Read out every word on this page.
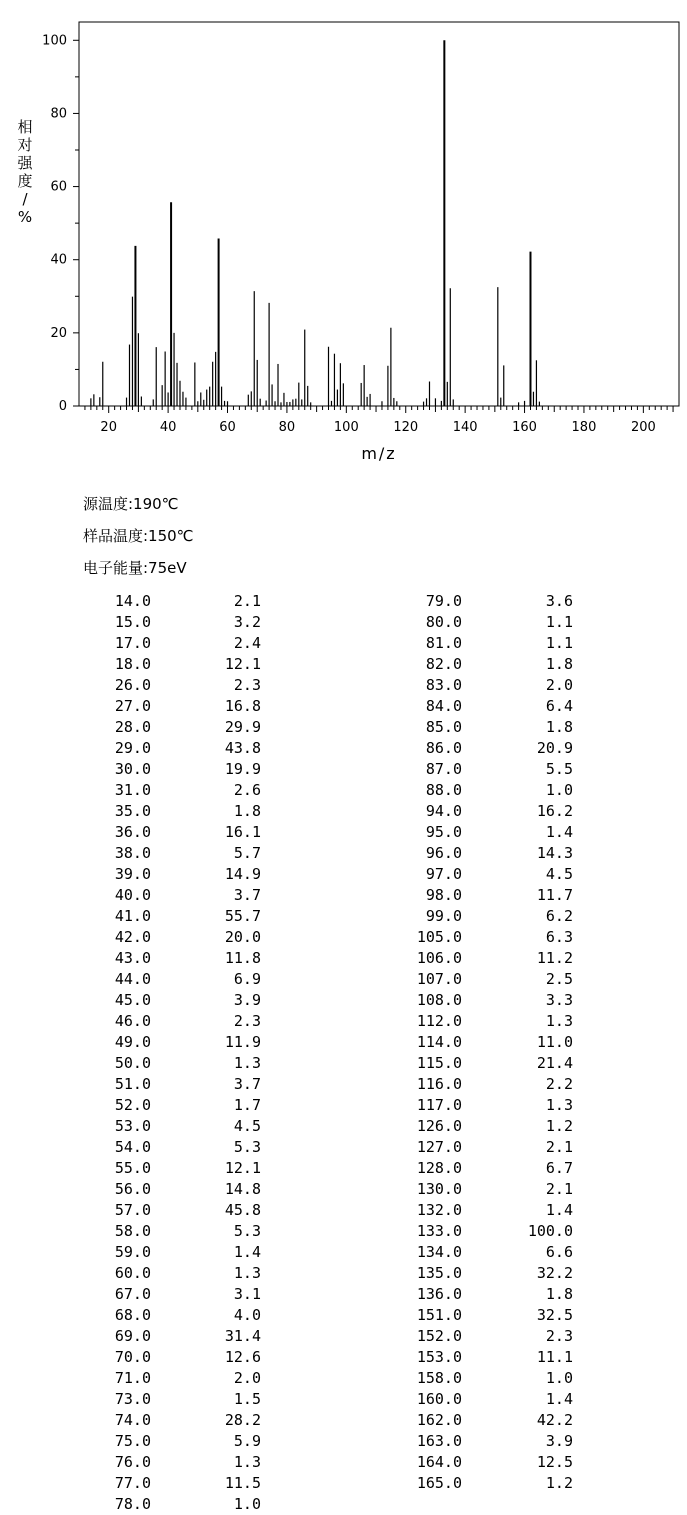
0
20
40
60
80
100
20	40	60	80	100	120	140	160	180	200
m/z
相对强度/ %
源温度:190℃
样品温度:150℃
电子能量:75eV
14.0	2.1	79.0	3.6
15.0	3.2	80.0	1.1
17.0	2.4	81.0	1.1
18.0	12.1	82.0	1.8
26.0	2.3	83.0	2.0
27.0	16.8	84.0	6.4
28.0	29.9	85.0	1.8
29.0	43.8	86.0	20.9
30.0	19.9	87.0	5.5
31.0	2.6	88.0	1.0
35.0	1.8	94.0	16.2
36.0	16.1	95.0	1.4
38.0	5.7	96.0	14.3
39.0	14.9	97.0	4.5
40.0	3.7	98.0	11.7
41.0	55.7	99.0	6.2
42.0	20.0	105.0	6.3
43.0	11.8	106.0	11.2
44.0	6.9	107.0	2.5
45.0	3.9	108.0	3.3
46.0	2.3	112.0	1.3
49.0	11.9	114.0	11.0
50.0	1.3	115.0	21.4
51.0	3.7	116.0	2.2
52.0	1.7	117.0	1.3
53.0	4.5	126.0	1.2
54.0	5.3	127.0	2.1
55.0	12.1	128.0	6.7
56.0	14.8	130.0	2.1
57.0	45.8	132.0	1.4
58.0	5.3	133.0	100.0
59.0	1.4	134.0	6.6
60.0	1.3	135.0	32.2
67.0	3.1	136.0	1.8
68.0	4.0	151.0	32.5
69.0	31.4	152.0	2.3
70.0	12.6	153.0	11.1
71.0	2.0	158.0	1.0
73.0	1.5	160.0	1.4
74.0	28.2	162.0	42.2
75.0	5.9	163.0	3.9
76.0	1.3	164.0	12.5
77.0	11.5	165.0	1.2
78.0	1.0
